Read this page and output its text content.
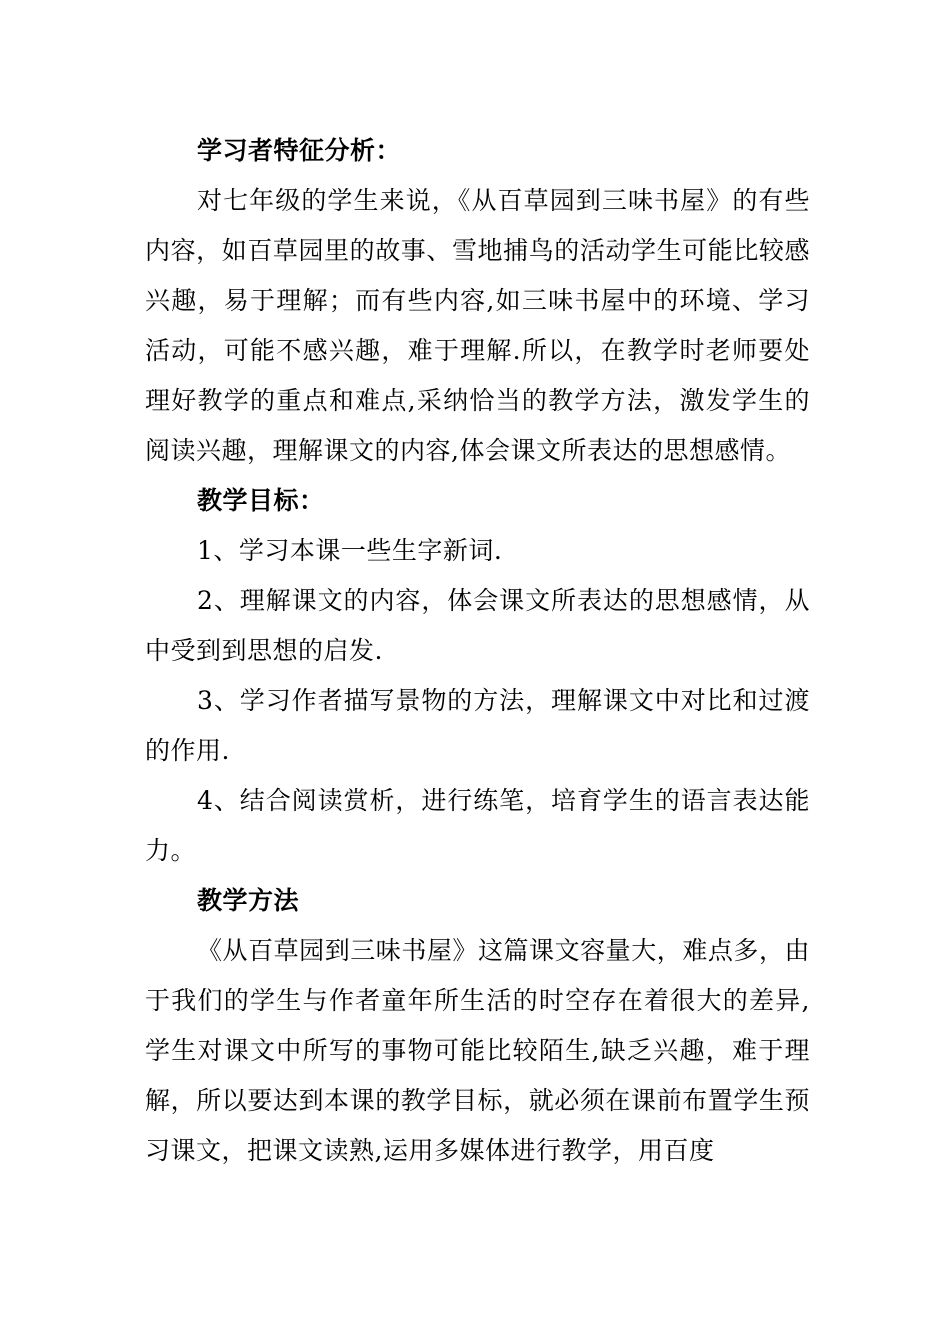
学习者特征分析：

对七年级的学生来说，《从百草园到三味书屋》的有些内容，如百草园里的故事、雪地捕鸟的活动学生可能比较感兴趣，易于理解；而有些内容,如三味书屋中的环境、学习活动，可能不感兴趣，难于理解.所以，在教学时老师要处理好教学的重点和难点,采纳恰当的教学方法，激发学生的阅读兴趣，理解课文的内容,体会课文所表达的思想感情。

教学目标：

1、学习本课一些生字新词.

2、理解课文的内容，体会课文所表达的思想感情，从中受到到思想的启发.

3、学习作者描写景物的方法，理解课文中对比和过渡的作用.

4、结合阅读赏析，进行练笔，培育学生的语言表达能力。

教学方法

《从百草园到三味书屋》这篇课文容量大，难点多，由于我们的学生与作者童年所生活的时空存在着很大的差异,学生对课文中所写的事物可能比较陌生,缺乏兴趣，难于理解，所以要达到本课的教学目标，就必须在课前布置学生预习课文，把课文读熟,运用多媒体进行教学，用百度
